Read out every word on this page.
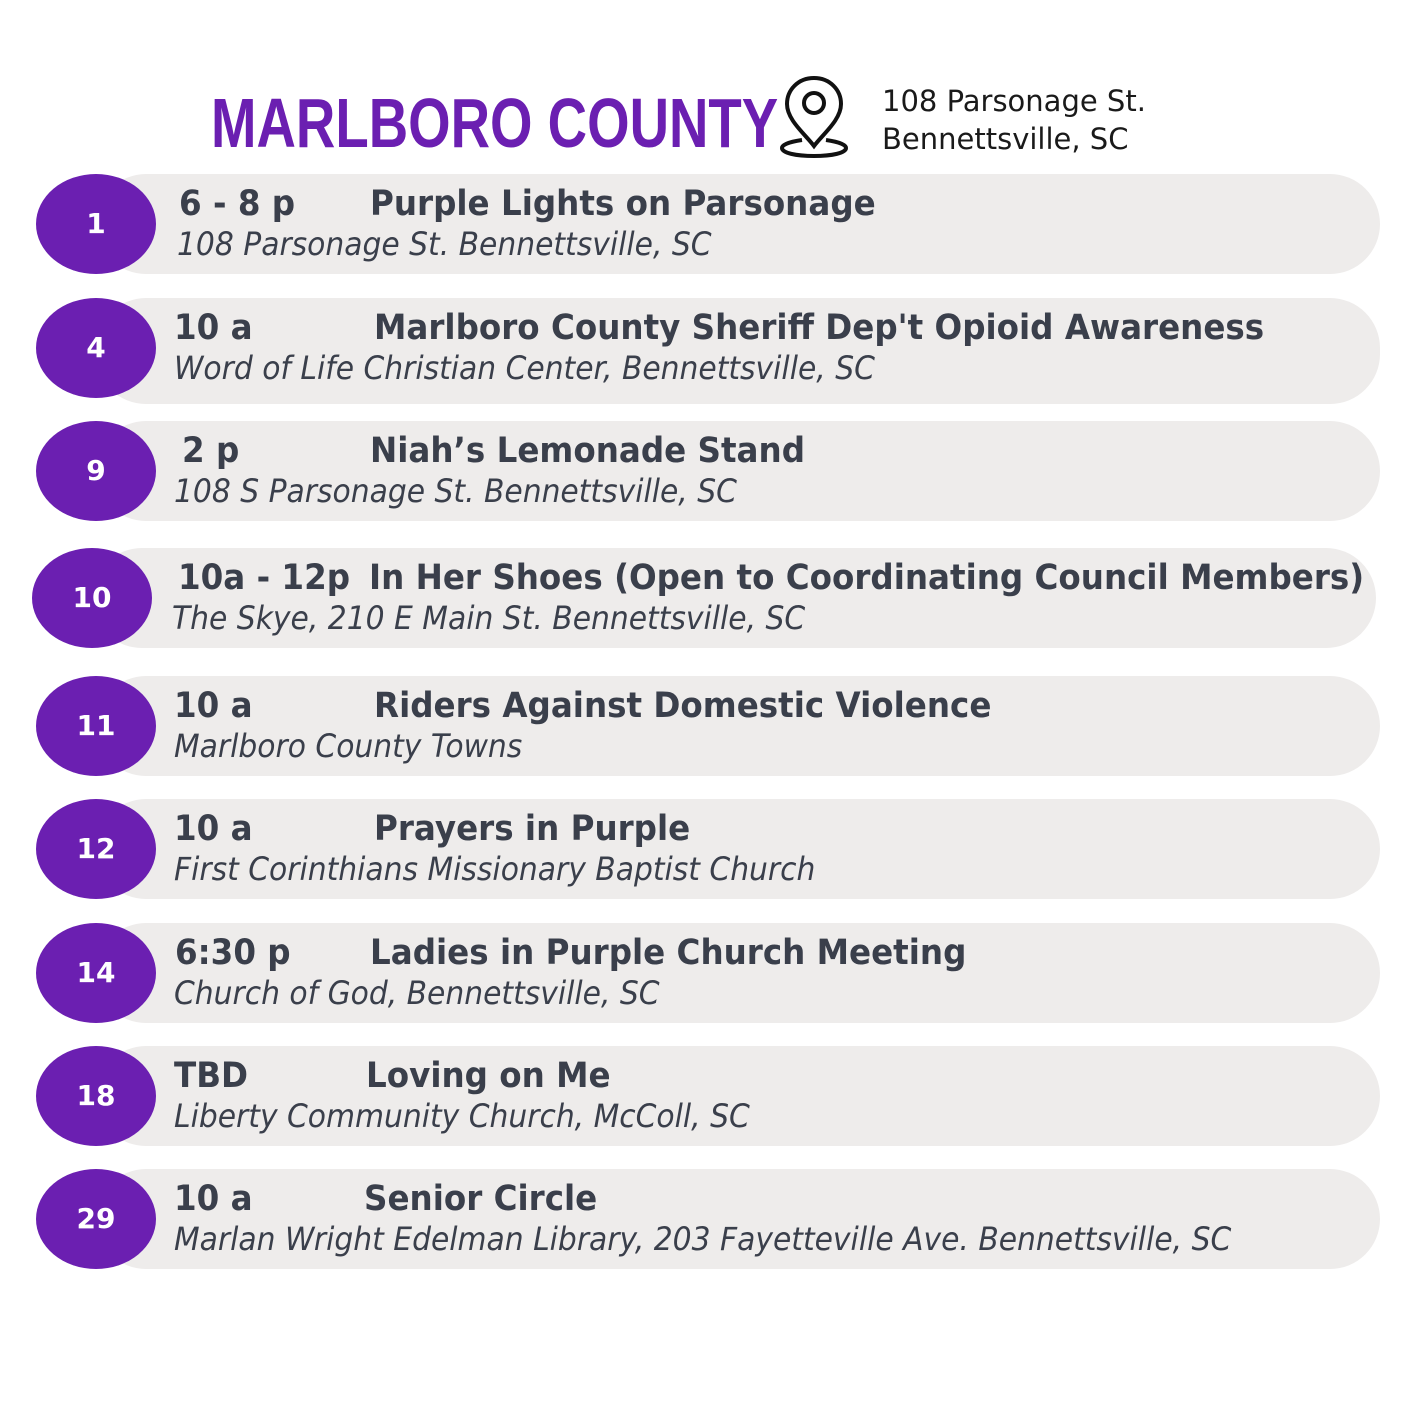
MARLBORO COUNTY	108 Parsonage St.
Bennettsville, SC
1	6 - 8 p Purple Lights on Parsonage
108 Parsonage St. Bennettsville, SC
4	10 a	Marlboro County Sheriff Dep't Opioid Awareness
Word of Life Christian Center, Bennettsville, SC
9	2 p	Niah’s Lemonade Stand
108 S Parsonage St. Bennettsville, SC
10	10a - 12p In Her Shoes (Open to Coordinating Council Members)
The Skye, 210 E Main St. Bennettsville, SC
11	10 a	Riders Against Domestic Violence
Marlboro County Towns
12	10 a	Prayers in Purple
First Corinthians Missionary Baptist Church
14	6:30 p Ladies in Purple Church Meeting
Church of God, Bennettsville, SC
18	TBD	Loving on Me
Liberty Community Church, McColl, SC
29	10 a	Senior Circle
Marlan Wright Edelman Library, 203 Fayetteville Ave. Bennettsville, SC
